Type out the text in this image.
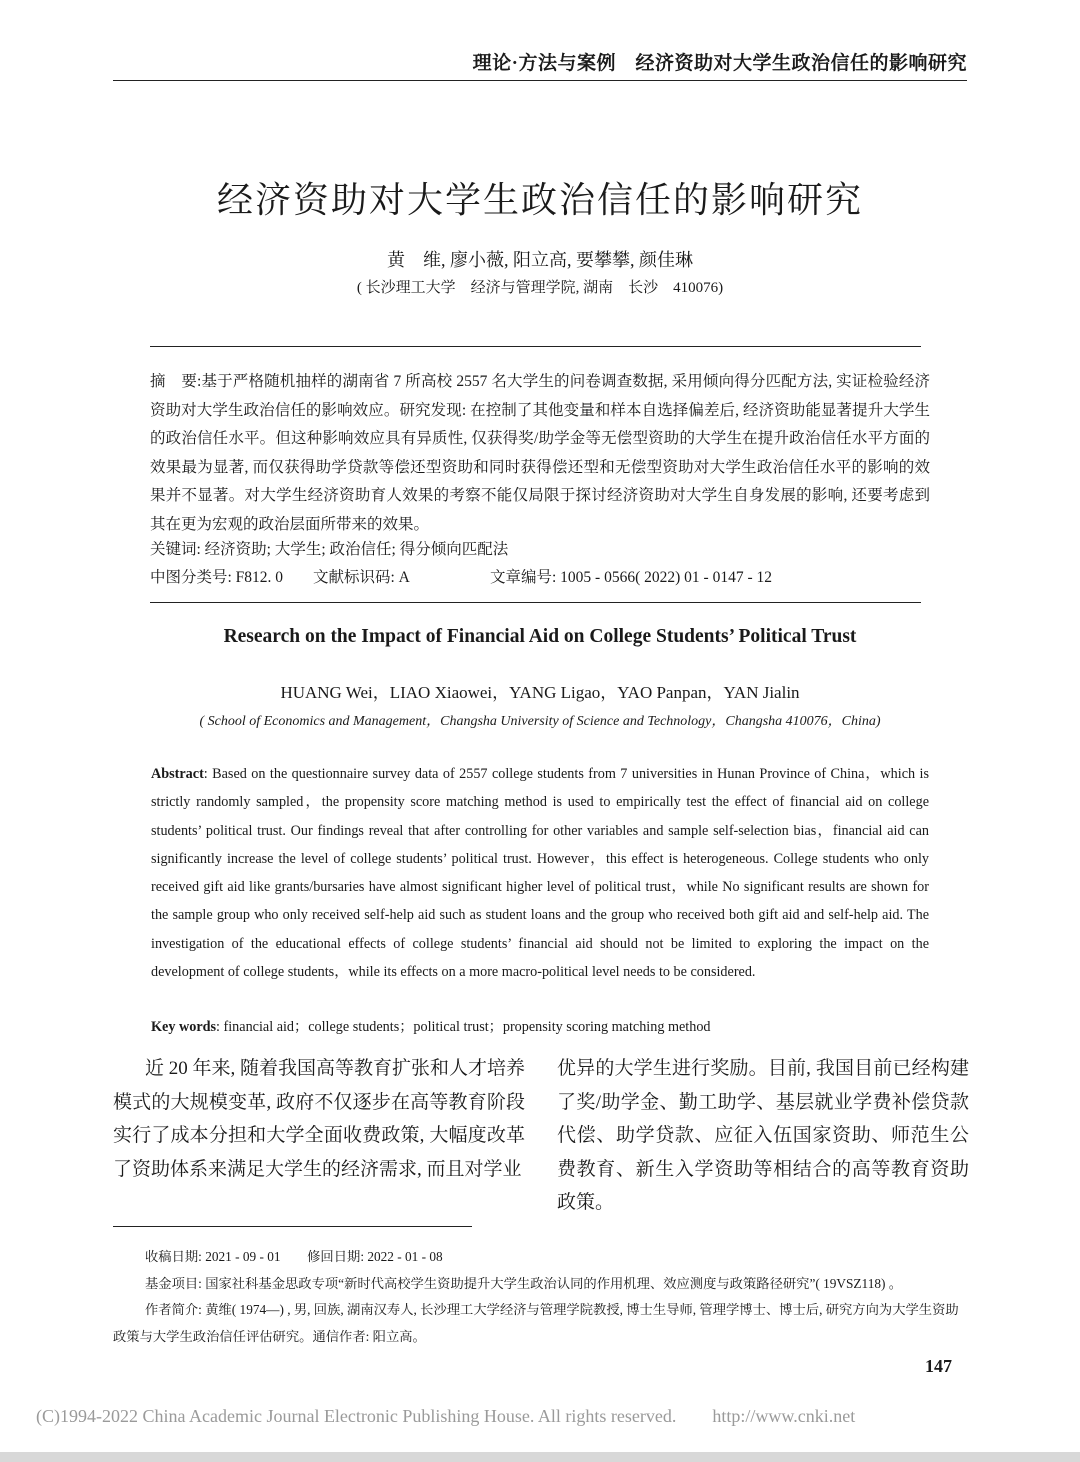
理论·方法与案例　经济资助对大学生政治信任的影响研究
经济资助对大学生政治信任的影响研究
黄　维, 廖小薇, 阳立高, 要攀攀, 颜佳琳
( 长沙理工大学　经济与管理学院, 湖南　长沙　410076)
摘　要:基于严格随机抽样的湖南省 7 所高校 2557 名大学生的问卷调查数据, 采用倾向得分匹配方法, 实证检验经济资助对大学生政治信任的影响效应。研究发现: 在控制了其他变量和样本自选择偏差后, 经济资助能显著提升大学生的政治信任水平。但这种影响效应具有异质性, 仅获得奖/助学金等无偿型资助的大学生在提升政治信任水平方面的效果最为显著, 而仅获得助学贷款等偿还型资助和同时获得偿还型和无偿型资助对大学生政治信任水平的影响的效果并不显著。对大学生经济资助育人效果的考察不能仅局限于探讨经济资助对大学生自身发展的影响, 还要考虑到其在更为宏观的政治层面所带来的效果。
关键词: 经济资助; 大学生; 政治信任; 得分倾向匹配法
中图分类号: F812. 0 文献标识码: A	文章编号: 1005 - 0566( 2022) 01 - 0147 - 12
Research on the Impact of Financial Aid on College Students’ Political Trust
HUANG Wei，LIAO Xiaowei，YANG Ligao，YAO Panpan，YAN Jialin
( School of Economics and Management，Changsha University of Science and Technology，Changsha 410076，China)
Abstract: Based on the questionnaire survey data of 2557 college students from 7 universities in Hunan Province of China，which is strictly randomly sampled，the propensity score matching method is used to empirically test the effect of financial aid on college students’ political trust. Our findings reveal that after controlling for other variables and sample self-selection bias，financial aid can significantly increase the level of college students’ political trust. However，this effect is heterogeneous. College students who only received gift aid like grants/bursaries have almost significant higher level of political trust，while No significant results are shown for the sample group who only received self-help aid such as student loans and the group who received both gift aid and self-help aid. The investigation of the educational effects of college students’ financial aid should not be limited to exploring the impact on the development of college students，while its effects on a more macro-political level needs to be considered.
Key words: financial aid；college students；political trust；propensity scoring matching method
近 20 年来, 随着我国高等教育扩张和人才培养模式的大规模变革, 政府不仅逐步在高等教育阶段实行了成本分担和大学全面收费政策, 大幅度改革了资助体系来满足大学生的经济需求, 而且对学业
优异的大学生进行奖励。目前, 我国目前已经构建了奖/助学金、勤工助学、基层就业学费补偿贷款代偿、助学贷款、应征入伍国家资助、师范生公费教育、新生入学资助等相结合的高等教育资助政策。

收稿日期: 2021 - 09 - 01　　修回日期: 2022 - 01 - 08

基金项目: 国家社科基金思政专项“新时代高校学生资助提升大学生政治认同的作用机理、效应测度与政策路径研究”( 19VSZ118) 。

作者简介: 黄维( 1974—) , 男, 回族, 湖南汉寿人, 长沙理工大学经济与管理学院教授, 博士生导师, 管理学博士、博士后, 研究方向为大学生资助政策与大学生政治信任评估研究。通信作者: 阳立高。

147
(C)1994-2022 China Academic Journal Electronic Publishing House. All rights reserved.　　http://www.cnki.net
